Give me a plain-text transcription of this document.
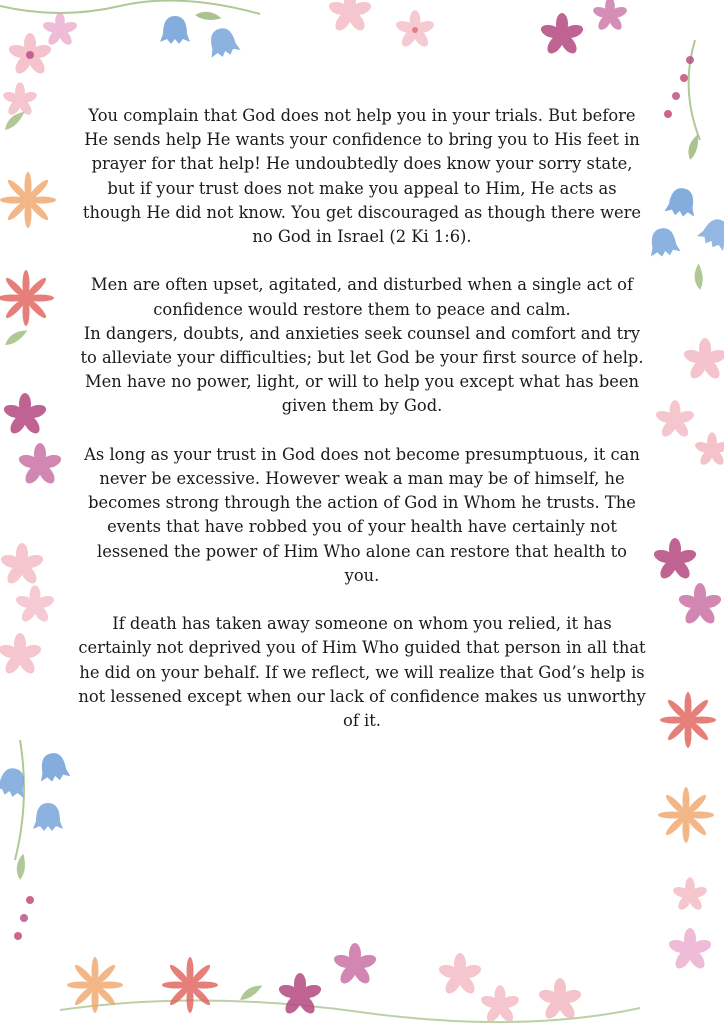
You complain that God does not help you in your trials. But before He sends help He wants your confidence to bring you to His feet in prayer for that help! He undoubtedly does know your sorry state, but if your trust does not make you appeal to Him, He acts as though He did not know. You get discouraged as though there were no God in Israel (2 Ki 1:6).

Men are often upset, agitated, and disturbed when a single act of confidence would restore them to peace and calm.
In dangers, doubts, and anxieties seek counsel and comfort and try to alleviate your difficulties; but let God be your first source of help. Men have no power, light, or will to help you except what has been given them by God.

As long as your trust in God does not become presumptuous, it can never be excessive. However weak a man may be of himself, he becomes strong through the action of God in Whom he trusts. The events that have robbed you of your health have certainly not lessened the power of Him Who alone can restore that health to you.

If death has taken away someone on whom you relied, it has certainly not deprived you of Him Who guided that person in all that he did on your behalf. If we reflect, we will realize that God’s help is not lessened except when our lack of confidence makes us unworthy of it.
